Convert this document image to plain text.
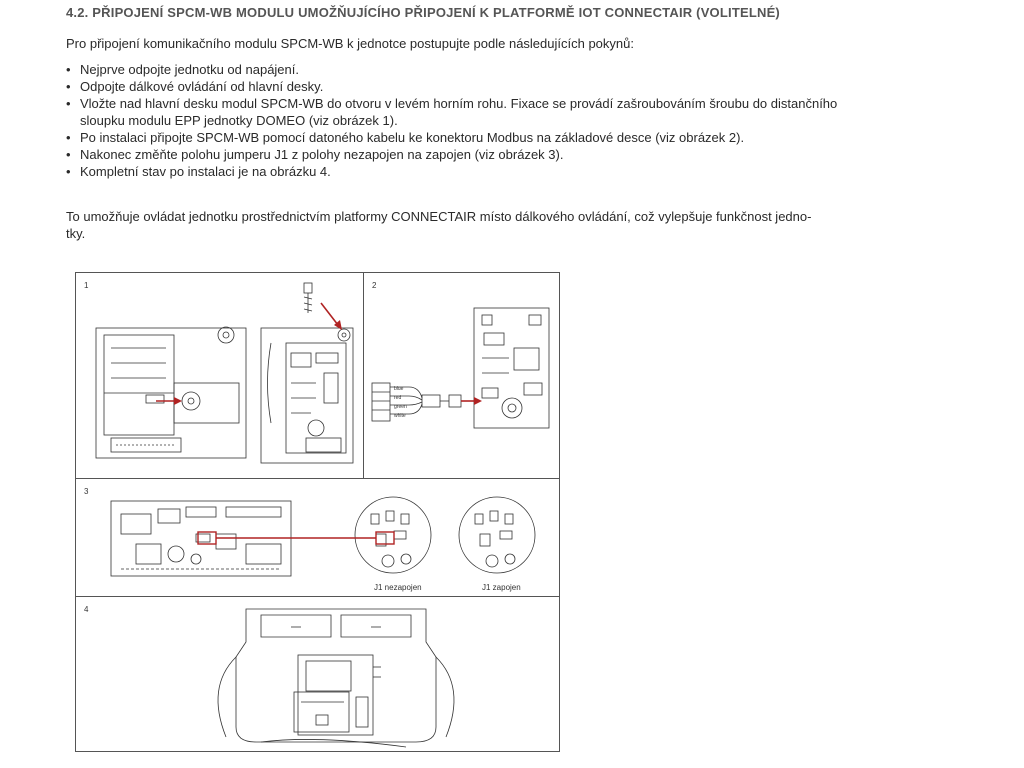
4.2. PŘIPOJENÍ SPCM-WB MODULU UMOŽŇUJÍCÍHO PŘIPOJENÍ K PLATFORMĚ IOT CONNECTAIR (VOLITELNÉ)
Pro připojení komunikačního modulu SPCM-WB k jednotce postupujte podle následujících pokynů:
• Nejprve odpojte jednotku od napájení.
• Odpojte dálkové ovládání od hlavní desky.
• Vložte nad hlavní desku modul SPCM-WB do otvoru v levém horním rohu. Fixace se provádí zašroubováním šroubu do distančního
sloupku modulu EPP jednotky DOMEO (viz obrázek 1).
• Po instalaci připojte SPCM-WB pomocí datoného kabelu ke konektoru Modbus na základové desce (viz obrázek 2).
• Nakonec změňte polohu jumperu J1 z polohy nezapojen na zapojen (viz obrázek 3).
• Kompletní stav po instalaci je na obrázku 4.
To umožňuje ovládat jednotku prostřednictvím platformy CONNECTAIR místo dálkového ovládání, což vylepšuje funkčnost jedno-
tky.
1	2
blue
red
green
white
3
J1 nezapojen	J1 zapojen
4
